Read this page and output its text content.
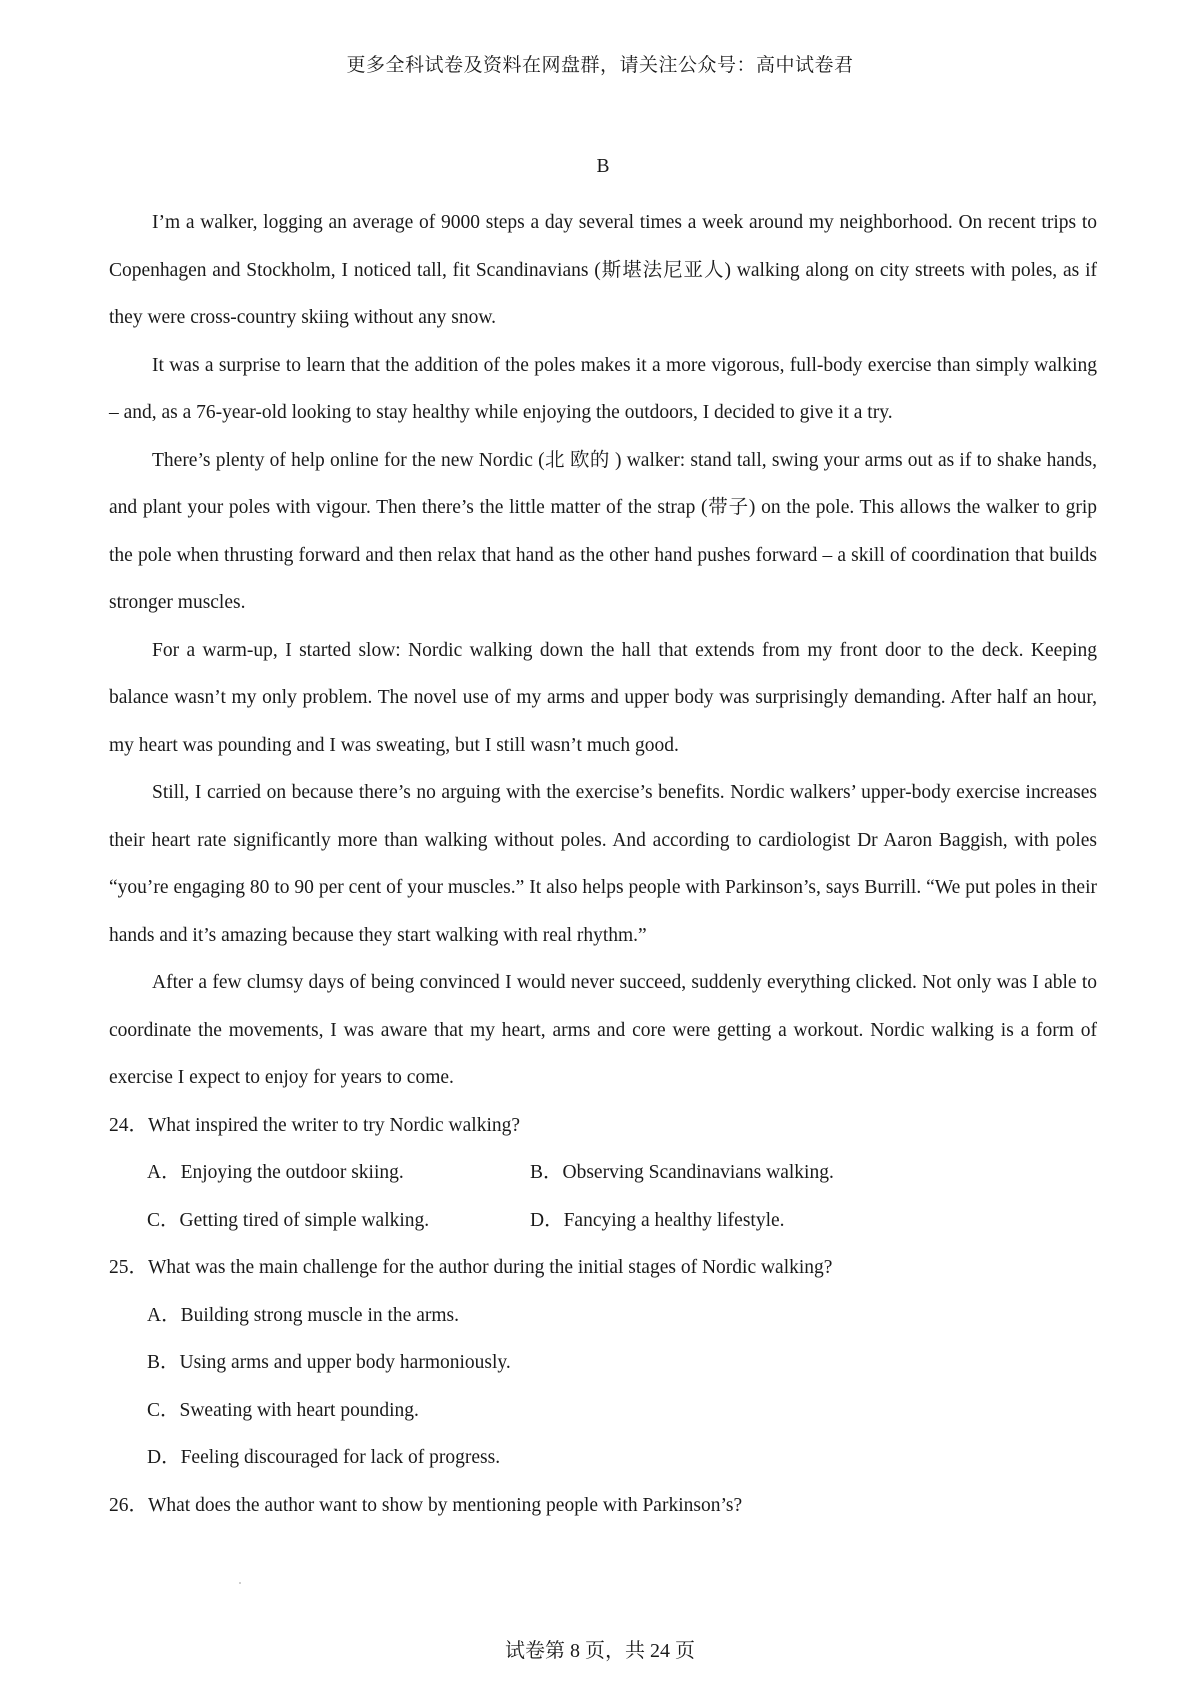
更多全科试卷及资料在网盘群，请关注公众号：高中试卷君
B

I’m a walker, logging an average of 9000 steps a day several times a week around my neighborhood. On recent trips to Copenhagen and Stockholm, I noticed tall, fit Scandinavians (斯堪法尼亚人) walking along on city streets with poles, as if they were cross-country skiing without any snow.

It was a surprise to learn that the addition of the poles makes it a more vigorous, full-body exercise than simply walking – and, as a 76-year-old looking to stay healthy while enjoying the outdoors, I decided to give it a try.

There’s plenty of help online for the new Nordic (北 欧的 ) walker: stand tall, swing your arms out as if to shake hands, and plant your poles with vigour. Then there’s the little matter of the strap (带子) on the pole. This allows the walker to grip the pole when thrusting forward and then relax that hand as the other hand pushes forward – a skill of coordination that builds stronger muscles.

For a warm-up, I started slow: Nordic walking down the hall that extends from my front door to the deck. Keeping balance wasn’t my only problem. The novel use of my arms and upper body was surprisingly demanding. After half an hour, my heart was pounding and I was sweating, but I still wasn’t much good.

Still, I carried on because there’s no arguing with the exercise’s benefits. Nordic walkers’ upper-body exercise increases their heart rate significantly more than walking without poles. And according to cardiologist Dr Aaron Baggish, with poles “you’re engaging 80 to 90 per cent of your muscles.” It also helps people with Parkinson’s, says Burrill. “We put poles in their hands and it’s amazing because they start walking with real rhythm.”

After a few clumsy days of being convinced I would never succeed, suddenly everything clicked. Not only was I able to coordinate the movements, I was aware that my heart, arms and core were getting a workout. Nordic walking is a form of exercise I expect to enjoy for years to come.

24．What inspired the writer to try Nordic walking?

A．Enjoying the outdoor skiing.	B．Observing Scandinavians walking.
C．Getting tired of simple walking.	D．Fancying a healthy lifestyle.

25．What was the main challenge for the author during the initial stages of Nordic walking?

A．Building strong muscle in the arms.

B．Using arms and upper body harmoniously.

C．Sweating with heart pounding.

D．Feeling discouraged for lack of progress.

26．What does the author want to show by mentioning people with Parkinson’s?

试卷第 8 页，共 24 页
